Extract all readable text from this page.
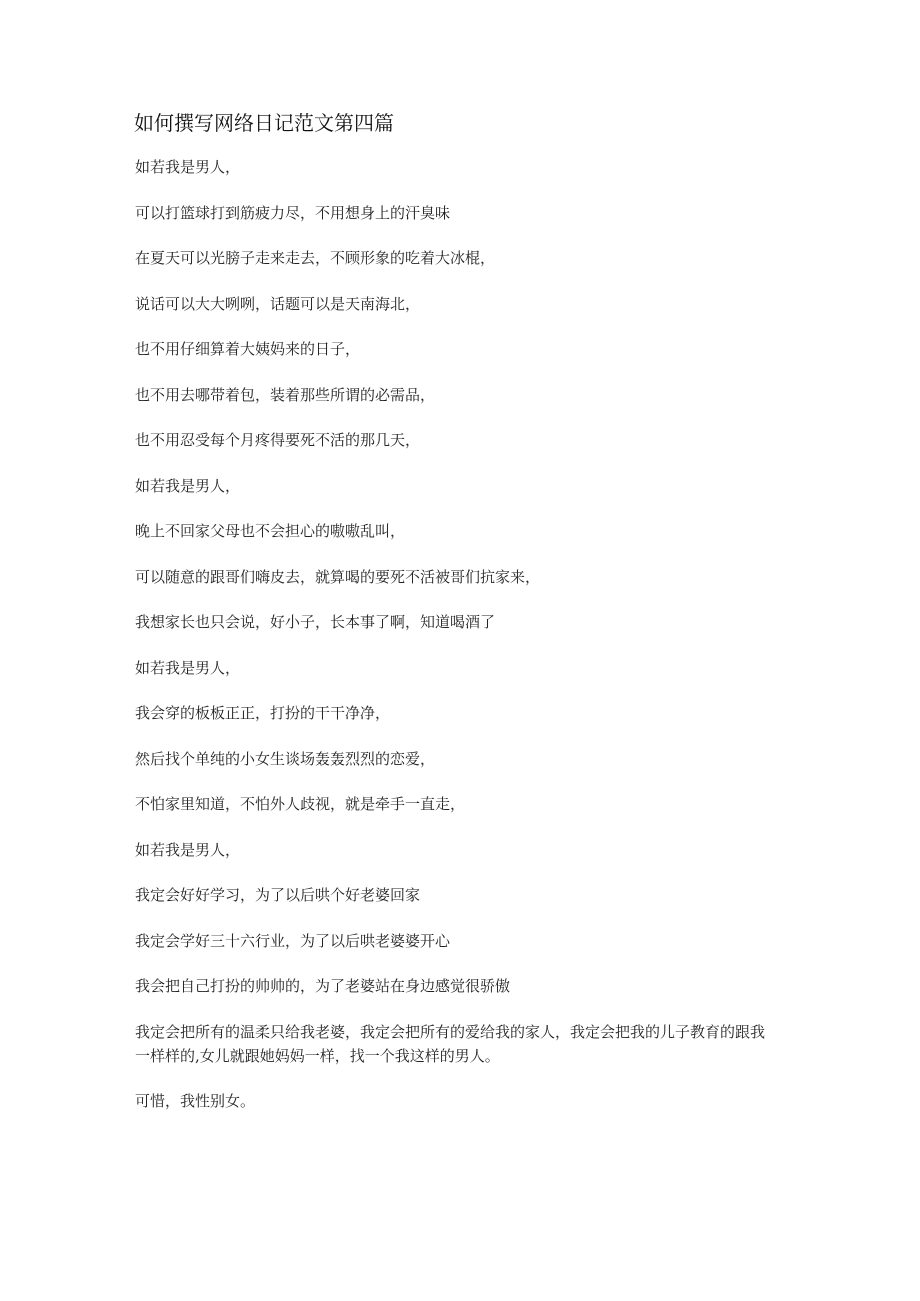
如何撰写网络日记范文第四篇

如若我是男人，

可以打篮球打到筋疲力尽，不用想身上的汗臭味

在夏天可以光膀子走来走去，不顾形象的吃着大冰棍，

说话可以大大咧咧，话题可以是天南海北，

也不用仔细算着大姨妈来的日子，

也不用去哪带着包，装着那些所谓的必需品，

也不用忍受每个月疼得要死不活的那几天，

如若我是男人，

晚上不回家父母也不会担心的嗷嗷乱叫，

可以随意的跟哥们嗨皮去，就算喝的要死不活被哥们抗家来，

我想家长也只会说，好小子，长本事了啊，知道喝酒了

如若我是男人，

我会穿的板板正正，打扮的干干净净，

然后找个单纯的小女生谈场轰轰烈烈的恋爱，

不怕家里知道，不怕外人歧视，就是牵手一直走，

如若我是男人，

我定会好好学习，为了以后哄个好老婆回家

我定会学好三十六行业，为了以后哄老婆婆开心

我会把自己打扮的帅帅的，为了老婆站在身边感觉很骄傲

我定会把所有的温柔只给我老婆，我定会把所有的爱给我的家人，我定会把我的儿子教育的跟我一样样的,女儿就跟她妈妈一样，找一个我这样的男人。

可惜，我性别女。
